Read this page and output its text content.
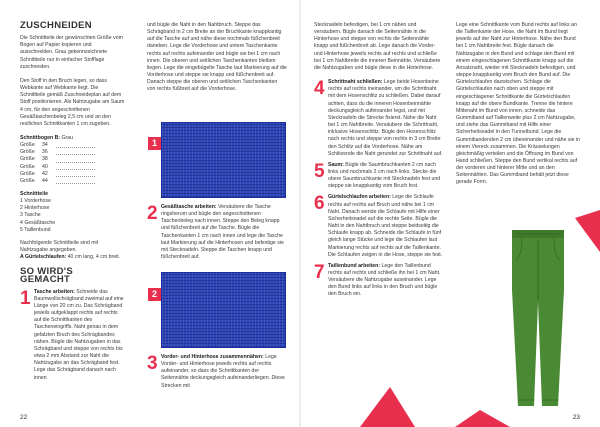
ZUSCHNEIDEN

Die Schnittteile der gewünschten Größe vom Bogen auf Papier kopieren und ausschneiden. Grau gekennzeichnete Schnittteile nur in einfacher Stofflage zuschneiden.

Den Stoff in den Bruch legen, so dass Webkante auf Webkante liegt. Die Schnittteile gemäß Zuschneideplan auf dem Stoff positionieren. Als Nahtzugabe am Saum 4 cm, für den angeschnittenen Gesäßtaschenbeleg 2,5 cm und an den restlichen Schnittkanten 1 cm zugeben.

Schnittbogen B: Grau
Größe	34
Größe	36
Größe	38
Größe	40
Größe	42
Größe	44
Schnittteile
1 Vorderhose
2 Hinterhose
3 Tasche
4 Gesäßtasche
5 Taillenbund

Nachfolgende Schnittteile sind mit Nahtzugabe angegeben.

A Gürtelschlaufen: 40 cm lang, 4 cm breit.

SO WIRD'S GEMACHT
1 Tasche arbeiten: Schneide das Baumwollschrägband zweimal auf eine Länge von 20 cm zu. Das Schrägband jeweils aufgeklappt rechts auf rechts auf die Schnittkanten des Tascheneingriffs. Naht genau in dem gefalzten Bruch des Schrägbandes nähen. Bügle die Nahtzugaben in das Schrägband und steppe von rechts bis etwa 2 mm Abstand zur Naht die Nahtzugabe an das Schrägband fest. Lege das Schrägband danach nach innen
22

und bügle die Naht in den Nahtbruch. Steppe das Schrägband in 2 cm Breite an der Bruchkante knappkantig auf die Tasche auf und nähe diese nochmals füßchenbreit daneben. Lege die Vorderhose und untere Taschenkante rechts auf rechts aufeinander und bügle sie bei 1 cm nach innen. Die oberen und seitlichen Taschenkanten bleiben liegen. Lege die eingebügelte Tasche laut Markierung auf die Vorderhose und steppe sie knapp und füßchenbreit auf. Danach steppe die oberen und seitlichen Taschenkanten von rechts füßbreit auf die Vorderhose.

1
2 Gesäßtasche arbeiten: Versäubere die Tasche ringsherum und bügle den angeschnittenen Taschenbeleg nach innen. Steppe den Beleg knapp und füßchenbreit auf die Tasche. Bügle die Taschenkanten 1 cm nach innen und lege die Tasche laut Markierung auf die Hinterhosen und befestige sie mit Stecknadeln. Steppe die Taschen knapp und füßchenbreit auf.
2
3 Vorder- und Hinterhose zusammennähen: Lege Vorder- und Hinterhose jeweils rechts auf rechts aufeinander, so dass die Schnittkanten der Seitennähte deckungsgleich aufeinanderliegen. Diese Strecken mit

Stecknadeln befestigen, bei 1 cm nähen und versäubern. Bügle danach die Seitennähte in die Hinterhose und steppe von rechts die Seitennähte knapp und füßchenbreit ab. Lege danach die Vorder- und Hinterhose jeweils rechts auf rechts und schließe bei 1 cm Nahtbreite die inneren Beinnähte. Versäubere die Nahtzugaben und bügle diese in die Hinterhose.

4 Schrittnaht schließen: Lege beide Hosenbeine rechts auf rechts ineinander, um die Schrittnaht mit dem Hosenschlitz zu schließen. Dabei darauf achten, dass du die inneren Hosenbeinnähte deckungsgleich aufeinander legst, und mit Stecknadeln die Strecke fixierst. Nähe die Naht bei 1 cm Nahtbreite. Versäubere die Schrittnaht, inklusive Hosenschlitz. Bügle den Hosenschlitz nach rechts und steppe von rechts in 3 cm Breite den Schlitz auf die Vorderhose. Nähe am Schlitzende die Naht gerundet zur Schrittnaht auf.
5 Saum: Bügle die Saumbruchkanten 2 cm nach links und nochmals 2 cm nach links. Stecke die obere Saumbruchkante mit Stecknadeln fest und steppe sie knappkantig vom Bruch fest.
6 Gürtelschlaufen arbeiten: Lege die Schlaufe rechts auf rechts auf Bruch und nähe bei 1 cm Naht. Danach wende die Schlaufe mit Hilfe einer Sicherheitsnadel auf die rechte Seite. Bügle die Naht in den Nahtbruch und steppe beidseitig die Schlaufe knapp ab. Schneide die Schlaufe in fünf gleich lange Stücke und lege die Schlaufen laut Markierung rechts auf rechts auf die Taillenkante. Die Schlaufen zeigen in die Hose, steppe sie fest.
7 Taillenbund arbeiten: Lege den Taillenbund rechts auf rechts und schließe ihn bei 1 cm Naht. Versäubere die Nahtzugabe auseinander. Lege den Bund links auf links in den Bruch und bügle den Bruch ein.

Lege eine Schnittkante vom Bund rechts auf links an die Taillenkante der Hose, die Naht im Bund liegt jeweils auf der Naht zur Hinterhose. Nähe den Bund bei 1 cm Nahtbreite fest. Bügle danach die Nahtzugabe in den Bund und schlage den Bund mit einem eingeschlagenen Schnittkante knapp auf die Ansatznaht, wieder mit Stecknadeln befestigen, und steppe knappkantig vom Bruch den Bund auf. Die Gürtelschlaufen dazwischen. Schlage die Gürtelschlaufen nach oben und steppe mit eingeschlagener Schnittkante die Gürtelschlaufen knapp auf die obere Bundkante. Trenne die hintere Mittenaht im Bund von innen, schneide das Gummiband auf Taillenweite plus 2 cm Nahtzugabe, und ziehe das Gummiband mit Hilfe einer Sicherheitsnadel in den Tunnelbund. Lege die Gummibandenden 2 cm übereinander und nähe sie in einem Viereck zusammen. Die Kräuselungen gleichmäßig verteilen und die Öffnung im Bund von Hand schließen. Steppe den Bund vertikal rechts auf der vorderen und hinterer Mitte und an den Seitennähten. Das Gummiband behält jetzt diese gerade Form.

23
